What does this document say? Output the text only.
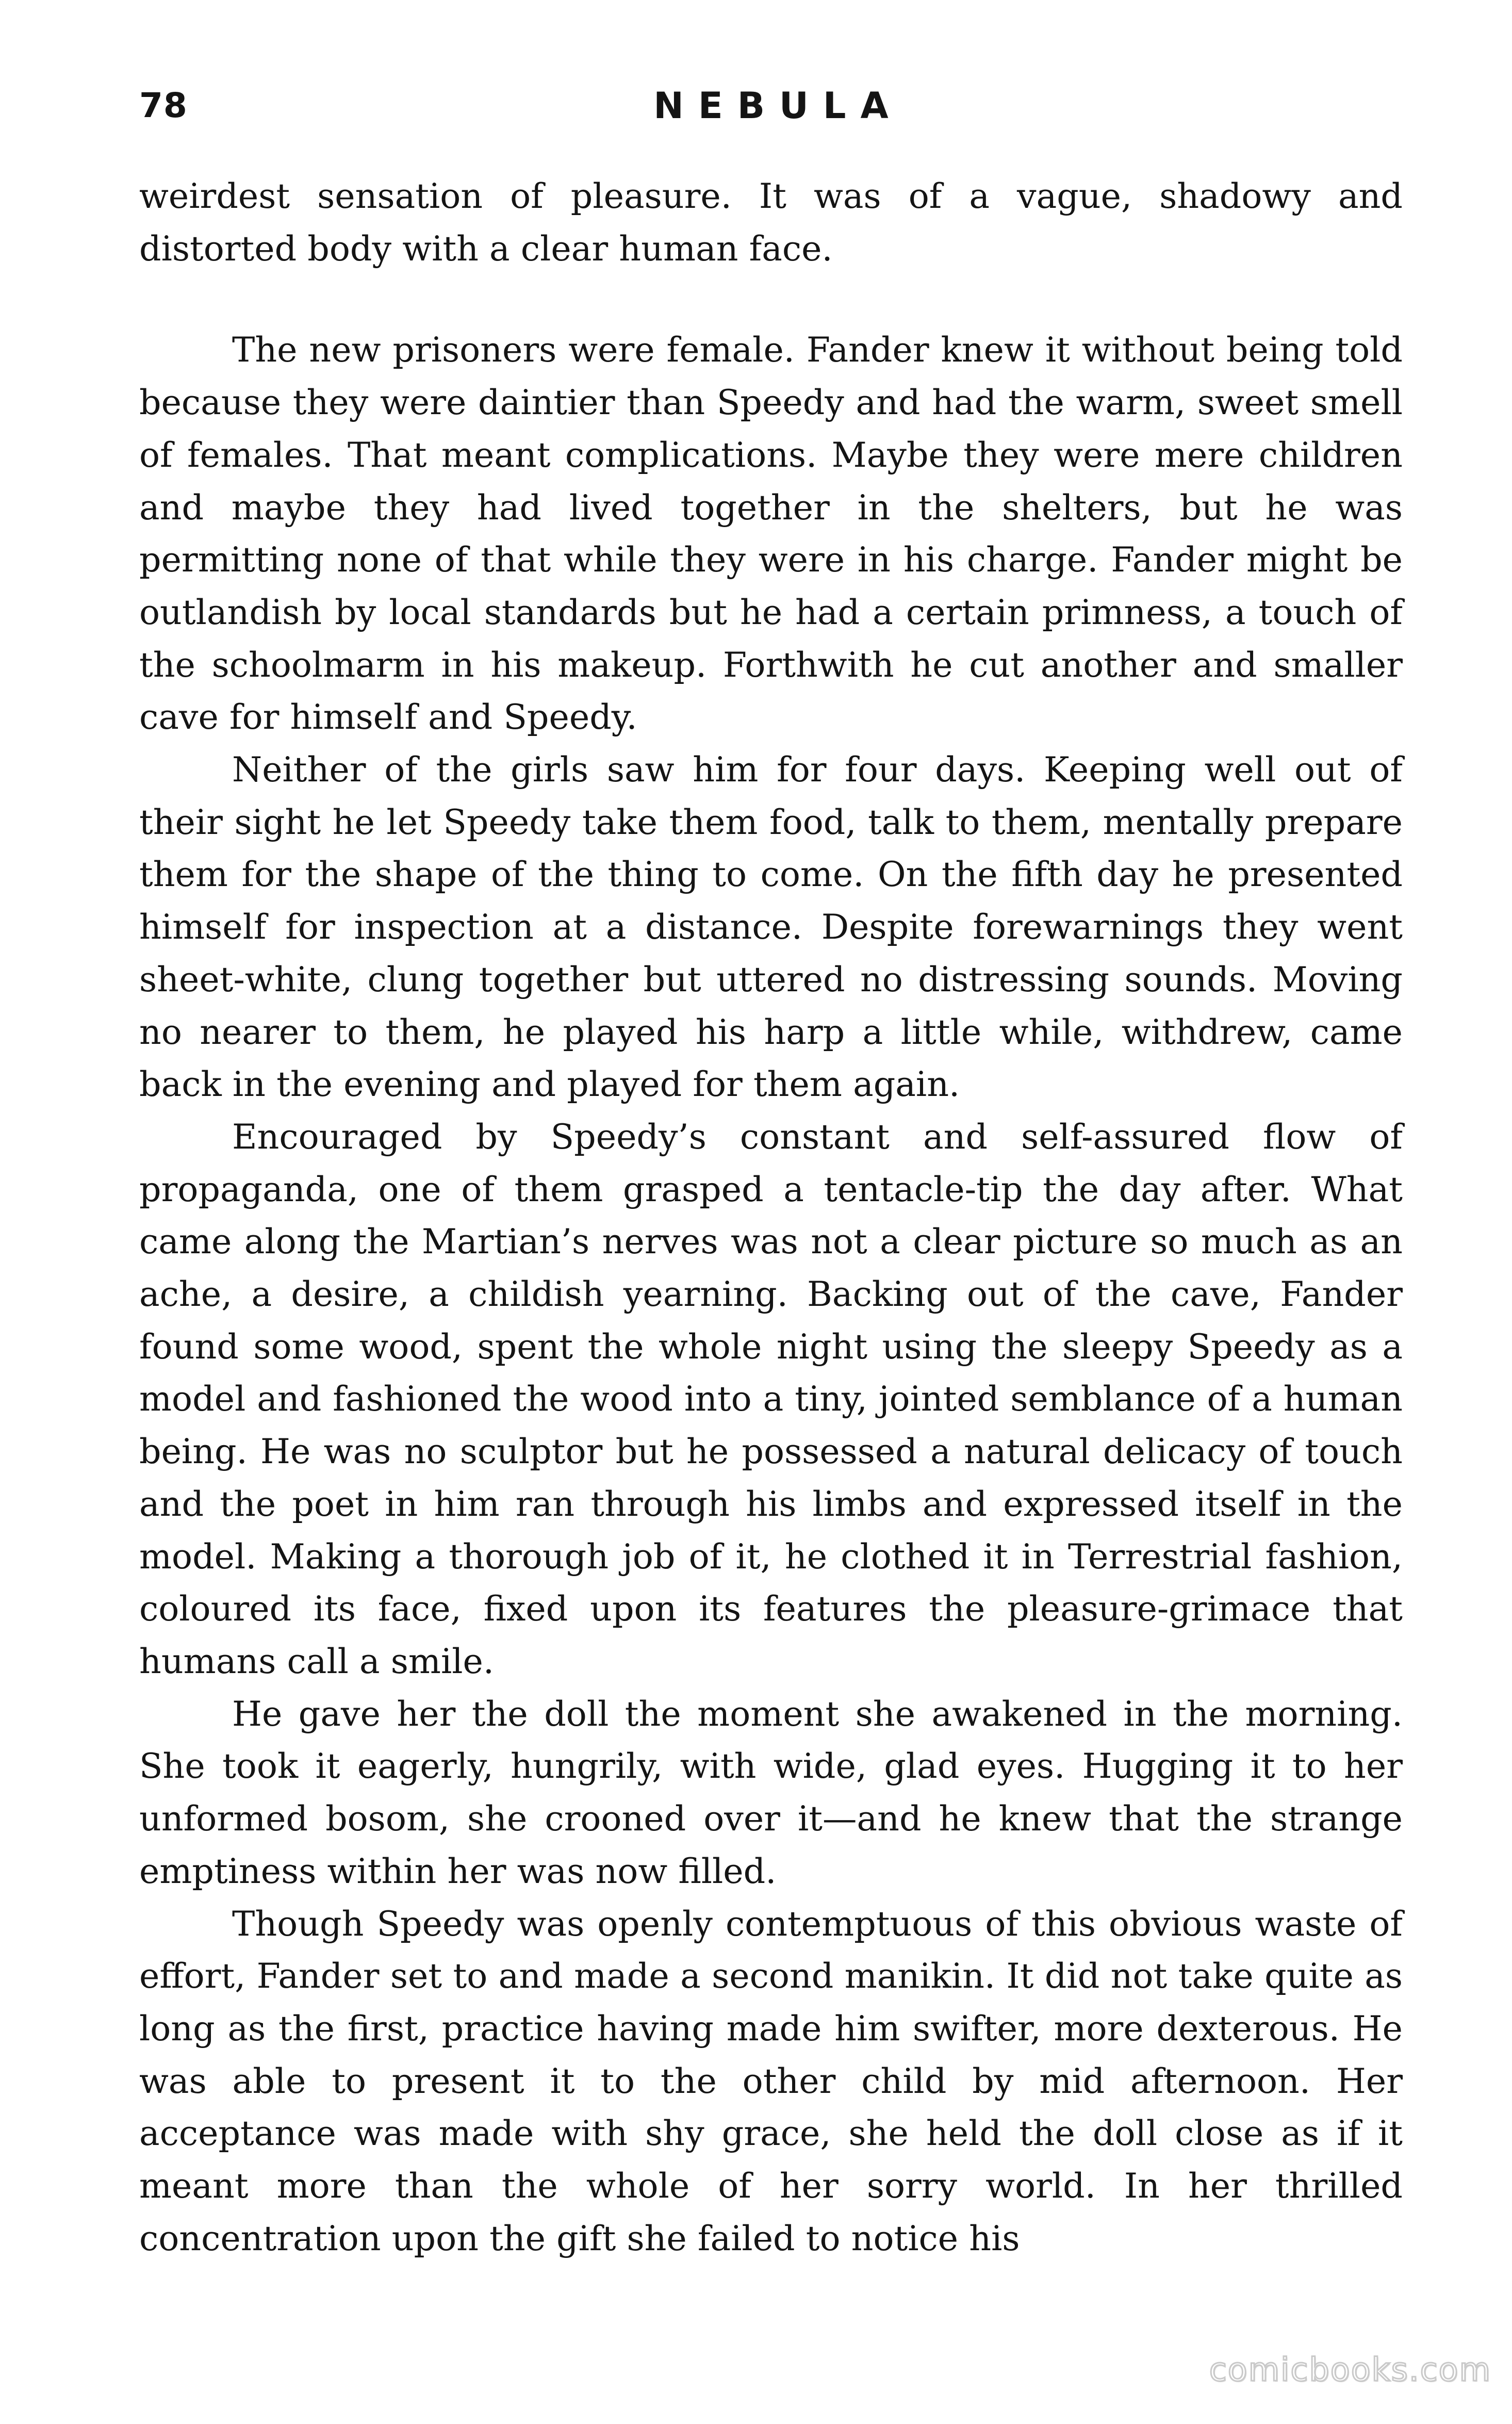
78	NEBULA

weirdest sensation of pleasure. It was of a vague, shadowy and distorted body with a clear human face.

The new prisoners were female. Fander knew it without being told because they were daintier than Speedy and had the warm, sweet smell of females. That meant complications. Maybe they were mere children and maybe they had lived together in the shelters, but he was permitting none of that while they were in his charge. Fander might be outlandish by local standards but he had a certain primness, a touch of the schoolmarm in his makeup. Forthwith he cut another and smaller cave for himself and Speedy.

Neither of the girls saw him for four days. Keeping well out of their sight he let Speedy take them food, talk to them, mentally prepare them for the shape of the thing to come. On the fifth day he presented himself for inspection at a distance. Despite forewarnings they went sheet-white, clung together but uttered no distressing sounds. Moving no nearer to them, he played his harp a little while, withdrew, came back in the evening and played for them again.

Encouraged by Speedy’s constant and self-assured flow of propaganda, one of them grasped a tentacle-tip the day after. What came along the Martian’s nerves was not a clear picture so much as an ache, a desire, a childish yearning. Backing out of the cave, Fander found some wood, spent the whole night using the sleepy Speedy as a model and fashioned the wood into a tiny, jointed semblance of a human being. He was no sculptor but he possessed a natural delicacy of touch and the poet in him ran through his limbs and expressed itself in the model. Making a thorough job of it, he clothed it in Terrestrial fashion, coloured its face, fixed upon its features the pleasure-grimace that humans call a smile.

He gave her the doll the moment she awakened in the morning. She took it eagerly, hungrily, with wide, glad eyes. Hugging it to her unformed bosom, she crooned over it—and he knew that the strange emptiness within her was now filled.

Though Speedy was openly contemptuous of this obvious waste of effort, Fander set to and made a second manikin. It did not take quite as long as the first, practice having made him swifter, more dexterous. He was able to present it to the other child by mid afternoon. Her acceptance was made with shy grace, she held the doll close as if it meant more than the whole of her sorry world. In her thrilled concentration upon the gift she failed to notice his

comicbooks.com
